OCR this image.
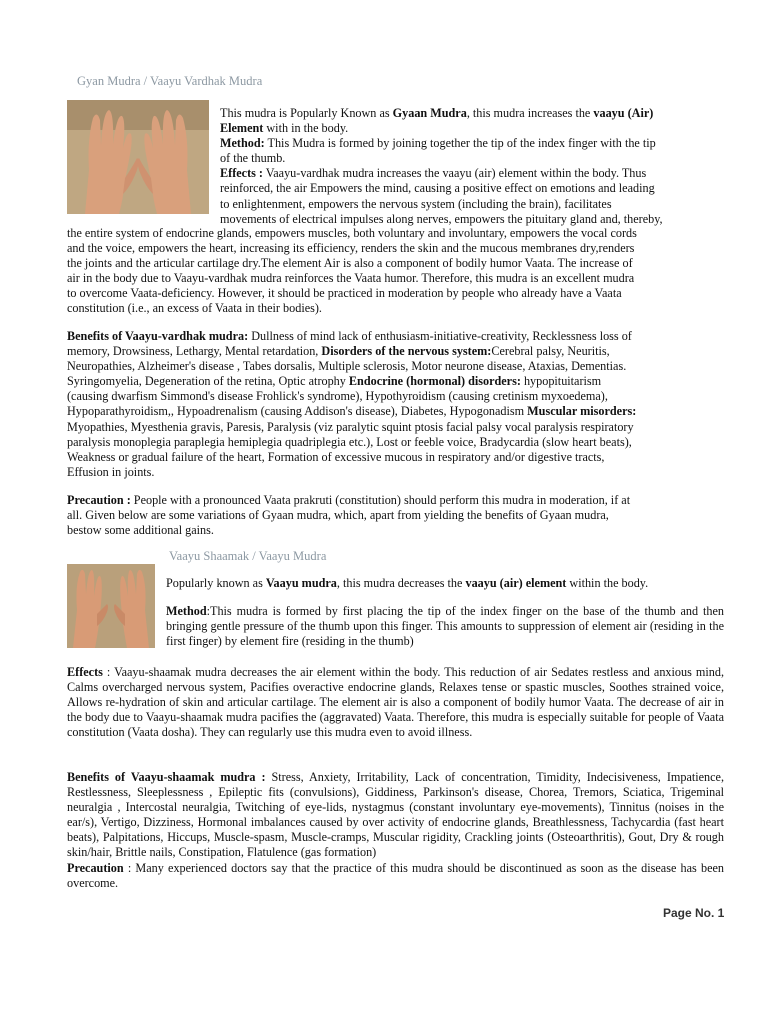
Gyan Mudra / Vaayu Vardhak Mudra

This mudra is Popularly Known as Gyaan Mudra, this mudra increases the vaayu (Air)

Element with in the body.

Method: This Mudra is formed by joining together the tip of the index finger with the tip

of the thumb.

Effects : Vaayu-vardhak mudra increases the vaayu (air) element within the body. Thus

reinforced, the air Empowers the mind, causing a positive effect on emotions and leading

to enlightenment, empowers the nervous system (including the brain), facilitates

movements of electrical impulses along nerves, empowers the pituitary gland and, thereby,

the entire system of endocrine glands, empowers muscles, both voluntary and involuntary, empowers the vocal cords

and the voice, empowers the heart, increasing its efficiency, renders the skin and the mucous membranes dry,renders

the joints and the articular cartilage dry.The element Air is also a component of bodily humor Vaata. The increase of

air in the body due to Vaayu-vardhak mudra reinforces the Vaata humor. Therefore, this mudra is an excellent mudra

to overcome Vaata-deficiency. However, it should be practiced in moderation by people who already have a Vaata

constitution (i.e., an excess of Vaata in their bodies).

Benefits of Vaayu-vardhak mudra: Dullness of mind lack of enthusiasm-initiative-creativity, Recklessness loss of

memory, Drowsiness, Lethargy, Mental retardation, Disorders of the nervous system:Cerebral palsy, Neuritis,

Neuropathies, Alzheimer's disease , Tabes dorsalis, Multiple sclerosis, Motor neurone disease, Ataxias, Dementias.

Syringomyelia, Degeneration of the retina, Optic atrophy Endocrine (hormonal) disorders: hypopituitarism

(causing dwarfism Simmond's disease Frohlick's syndrome), Hypothyroidism (causing cretinism myxoedema),

Hypoparathyroidism,, Hypoadrenalism (causing Addison's disease), Diabetes, Hypogonadism Muscular misorders:

Myopathies, Myesthenia gravis, Paresis, Paralysis (viz paralytic squint ptosis facial palsy vocal paralysis respiratory

paralysis monoplegia paraplegia hemiplegia quadriplegia etc.), Lost or feeble voice, Bradycardia (slow heart beats),

Weakness or gradual failure of the heart, Formation of excessive mucous in respiratory and/or digestive tracts,

Effusion in joints.

Precaution : People with a pronounced Vaata prakruti (constitution) should perform this mudra in moderation, if at

all. Given below are some variations of Gyaan mudra, which, apart from yielding the benefits of Gyaan mudra,

bestow some additional gains.

Vaayu Shaamak / Vaayu Mudra

Popularly known as Vaayu mudra, this mudra decreases the vaayu (air) element within the body.

Method:This mudra is formed by first placing the tip of the index finger on the base of the thumb and then bringing gentle pressure of the thumb upon this finger. This amounts to suppression of element air (residing in the first finger) by element fire (residing in the thumb)

Effects : Vaayu-shaamak mudra decreases the air element within the body. This reduction of air Sedates restless and anxious mind, Calms overcharged nervous system, Pacifies overactive endocrine glands, Relaxes tense or spastic muscles, Soothes strained voice, Allows re-hydration of skin and articular cartilage. The element air is also a component of bodily humor Vaata. The decrease of air in the body due to Vaayu-shaamak mudra pacifies the (aggravated) Vaata. Therefore, this mudra is especially suitable for people of Vaata constitution (Vaata dosha). They can regularly use this mudra even to avoid illness.

Benefits of Vaayu-shaamak mudra : Stress, Anxiety, Irritability, Lack of concentration, Timidity, Indecisiveness, Impatience, Restlessness, Sleeplessness , Epileptic fits (convulsions), Giddiness, Parkinson's disease, Chorea, Tremors, Sciatica, Trigeminal neuralgia , Intercostal neuralgia, Twitching of eye-lids, nystagmus (constant involuntary eye-movements), Tinnitus (noises in the ear/s), Vertigo, Dizziness, Hormonal imbalances caused by over activity of endocrine glands, Breathlessness, Tachycardia (fast heart beats), Palpitations, Hiccups, Muscle-spasm, Muscle-cramps, Muscular rigidity, Crackling joints (Osteoarthritis), Gout, Dry & rough skin/hair, Brittle nails, Constipation, Flatulence (gas formation)

Precaution : Many experienced doctors say that the practice of this mudra should be discontinued as soon as the disease has been overcome.

Page No. 1
